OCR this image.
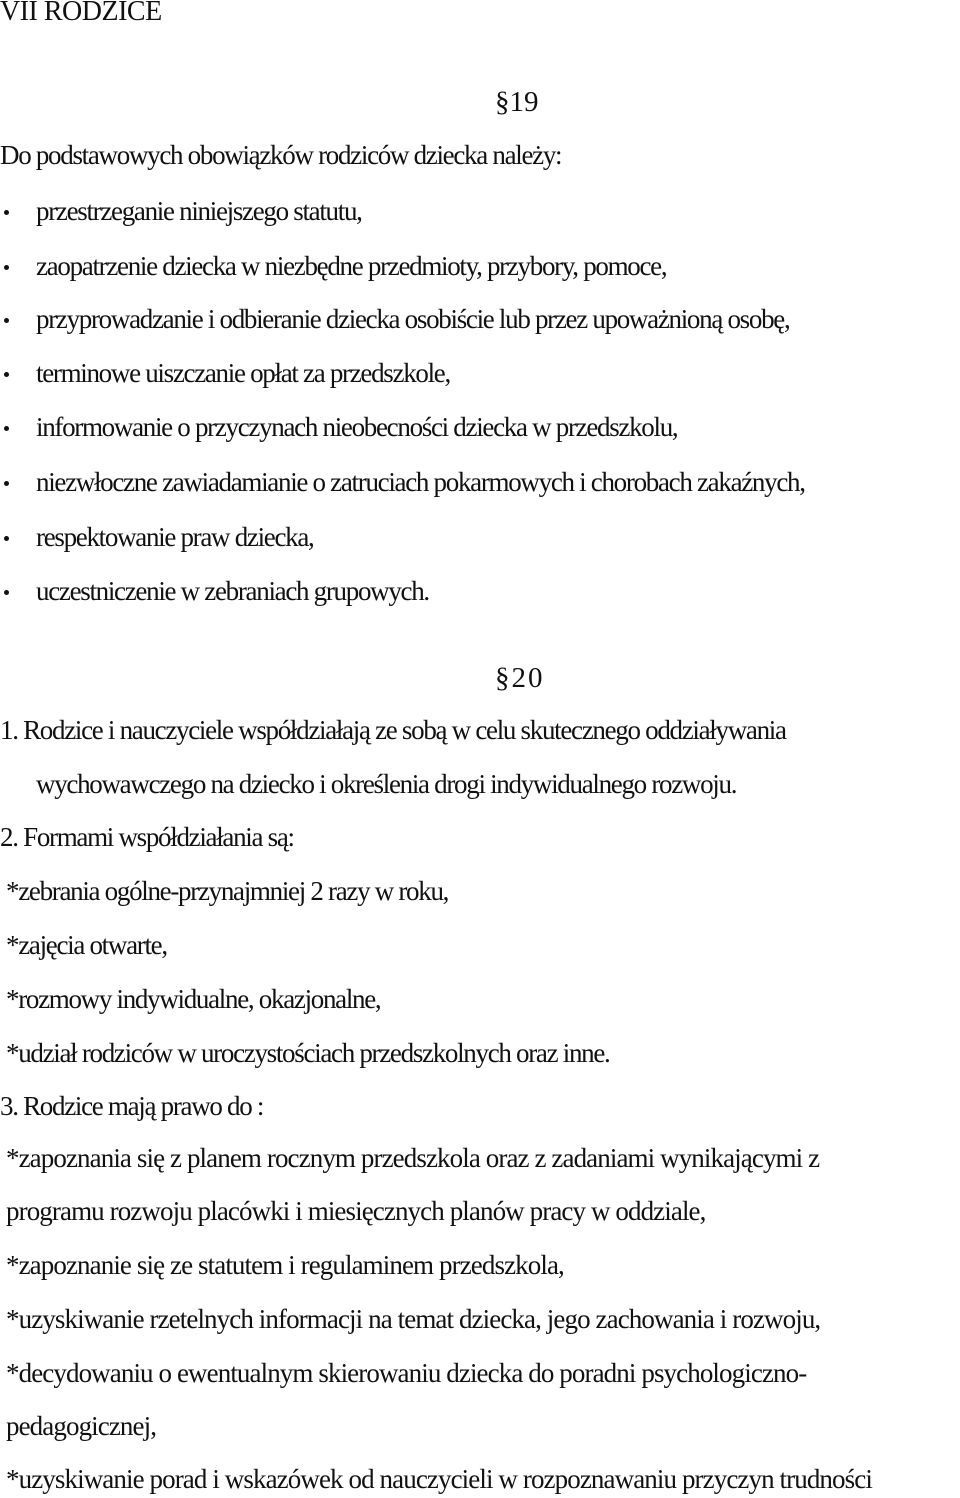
VII RODZICE
§19
Do podstawowych obowiązków rodziców dziecka należy:
przestrzeganie niniejszego statutu,
zaopatrzenie dziecka w niezbędne przedmioty, przybory, pomoce,
przyprowadzanie i odbieranie dziecka osobiście lub przez upoważnioną osobę,
terminowe uiszczanie opłat za przedszkole,
informowanie o przyczynach nieobecności dziecka w przedszkolu,
niezwłoczne zawiadamianie o zatruciach pokarmowych i chorobach zakaźnych,
respektowanie praw dziecka,
uczestniczenie w zebraniach grupowych.
§20
1. Rodzice i nauczyciele współdziałają ze sobą w celu skutecznego oddziaływania
wychowawczego na dziecko i określenia drogi indywidualnego rozwoju.
2. Formami współdziałania są:
*zebrania ogólne-przynajmniej 2 razy w roku,
*zajęcia otwarte,
*rozmowy indywidualne, okazjonalne,
*udział rodziców w uroczystościach przedszkolnych oraz inne.
3. Rodzice mają prawo do :
*zapoznania się z planem rocznym przedszkola oraz z zadaniami wynikającymi z
programu rozwoju placówki i miesięcznych planów pracy w oddziale,
*zapoznanie się ze statutem i regulaminem przedszkola,
*uzyskiwanie rzetelnych informacji na temat dziecka, jego zachowania i rozwoju,
*decydowaniu o ewentualnym skierowaniu dziecka do poradni psychologiczno-
pedagogicznej,
*uzyskiwanie porad i wskazówek od nauczycieli w rozpoznawaniu przyczyn trudności
